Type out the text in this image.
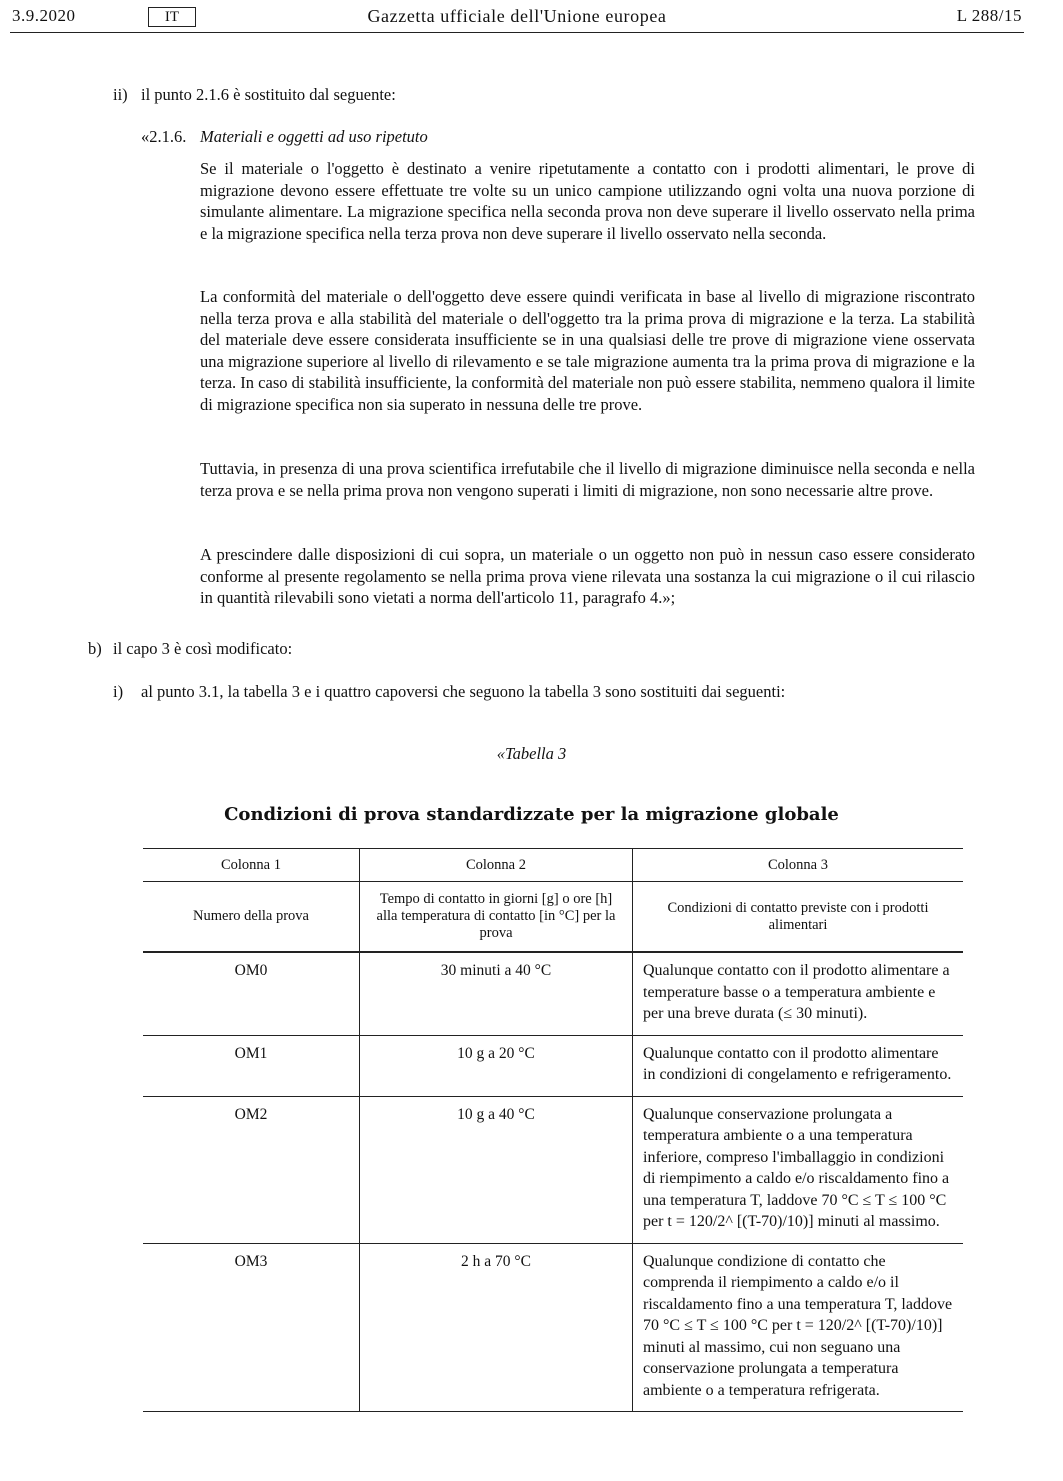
3.9.2020	IT	Gazzetta ufficiale dell'Unione europea	L 288/15
ii) il punto 2.1.6 è sostituito dal seguente:
«2.1.6. Materiali e oggetti ad uso ripetuto

Se il materiale o l'oggetto è destinato a venire ripetutamente a contatto con i prodotti alimentari, le prove di migrazione devono essere effettuate tre volte su un unico campione utilizzando ogni volta una nuova porzione di simulante alimentare. La migrazione specifica nella seconda prova non deve superare il livello osservato nella prima e la migrazione specifica nella terza prova non deve superare il livello osservato nella seconda.

La conformità del materiale o dell'oggetto deve essere quindi verificata in base al livello di migrazione riscontrato nella terza prova e alla stabilità del materiale o dell'oggetto tra la prima prova di migrazione e la terza. La stabilità del materiale deve essere considerata insufficiente se in una qualsiasi delle tre prove di migrazione viene osservata una migrazione superiore al livello di rilevamento e se tale migrazione aumenta tra la prima prova di migrazione e la terza. In caso di stabilità insufficiente, la conformità del materiale non può essere stabilita, nemmeno qualora il limite di migrazione specifica non sia superato in nessuna delle tre prove.

Tuttavia, in presenza di una prova scientifica irrefutabile che il livello di migrazione diminuisce nella seconda e nella terza prova e se nella prima prova non vengono superati i limiti di migrazione, non sono necessarie altre prove.

A prescindere dalle disposizioni di cui sopra, un materiale o un oggetto non può in nessun caso essere considerato conforme al presente regolamento se nella prima prova viene rilevata una sostanza la cui migrazione o il cui rilascio in quantità rilevabili sono vietati a norma dell'articolo 11, paragrafo 4.»;

b) il capo 3 è così modificato:
i) al punto 3.1, la tabella 3 e i quattro capoversi che seguono la tabella 3 sono sostituiti dai seguenti:
«Tabella 3
Condizioni di prova standardizzate per la migrazione globale
Colonna 1	Colonna 2	Colonna 3
Numero della prova	Tempo di contatto in giorni [g] o ore [h] alla temperatura di contatto [in °C] per la prova	Condizioni di contatto previste con i prodotti alimentari
OM0	30 minuti a 40 °C	Qualunque contatto con il prodotto alimentare a temperature basse o a temperatura ambiente e per una breve durata (≤ 30 minuti).
OM1	10 g a 20 °C	Qualunque contatto con il prodotto alimentare in condizioni di congelamento e refrigeramento.
OM2	10 g a 40 °C	Qualunque conservazione prolungata a temperatura ambiente o a una temperatura inferiore, compreso l'imballaggio in condizioni di riempimento a caldo e/o riscaldamento fino a una temperatura T, laddove 70 °C ≤ T ≤ 100 °C per t = 120/2^ [(T-70)/10)] minuti al massimo.
OM3	2 h a 70 °C	Qualunque condizione di contatto che comprenda il riempimento a caldo e/o il riscaldamento fino a una temperatura T, laddove 70 °C ≤ T ≤ 100 °C per t = 120/2^ [(T-70)/10)] minuti al massimo, cui non seguano una conservazione prolungata a temperatura ambiente o a temperatura refrigerata.
